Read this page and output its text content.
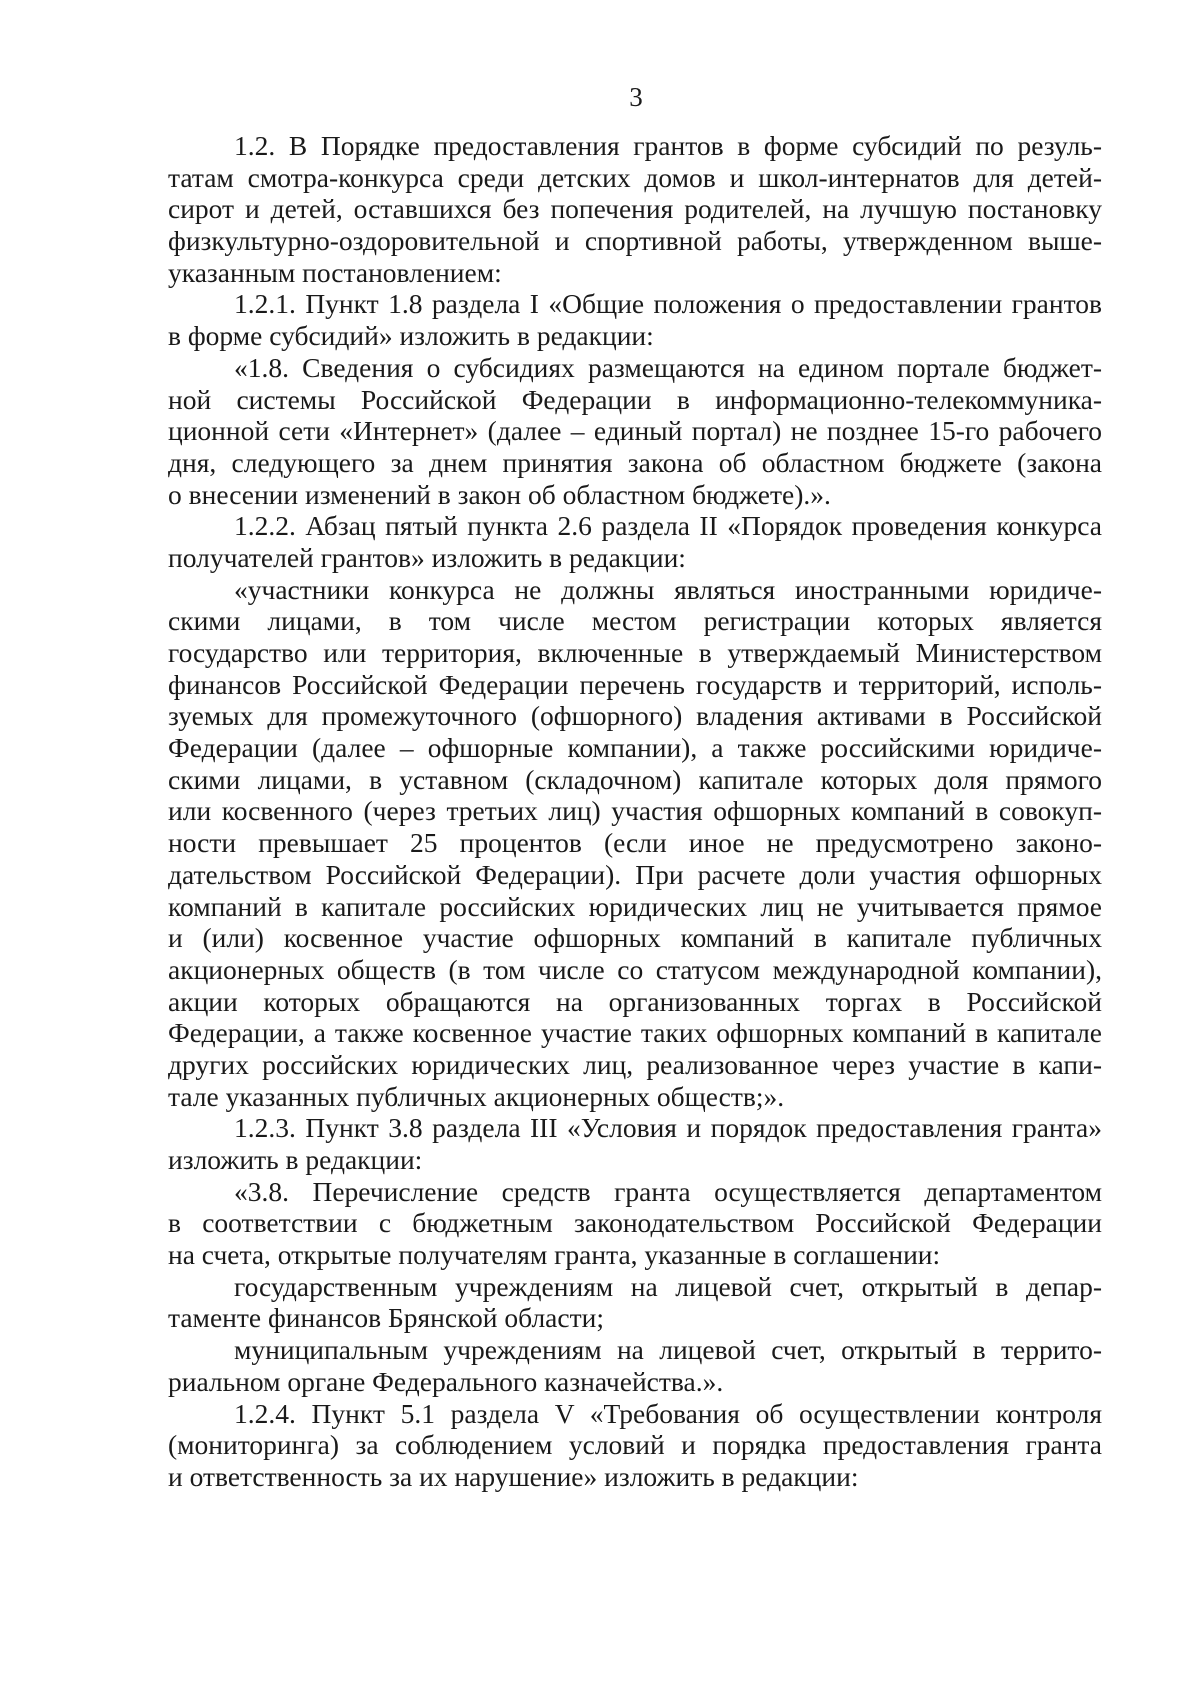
3
1.2. В Порядке предоставления грантов в форме субсидий по резуль-
татам смотра-конкурса среди детских домов и школ-интернатов для детей-
сирот и детей, оставшихся без попечения родителей, на лучшую постановку
физкультурно-оздоровительной и спортивной работы, утвержденном выше-
указанным постановлением:
1.2.1. Пункт 1.8 раздела I «Общие положения о предоставлении грантов
в форме субсидий» изложить в редакции:
«1.8. Сведения о субсидиях размещаются на едином портале бюджет-
ной системы Российской Федерации в информационно-телекоммуника-
ционной сети «Интернет» (далее – единый портал) не позднее 15-го рабочего
дня, следующего за днем принятия закона об областном бюджете (закона
о внесении изменений в закон об областном бюджете).».
1.2.2. Абзац пятый пункта 2.6 раздела II «Порядок проведения конкурса
получателей грантов» изложить в редакции:
«участники конкурса не должны являться иностранными юридиче-
скими лицами, в том числе местом регистрации которых является
государство или территория, включенные в утверждаемый Министерством
финансов Российской Федерации перечень государств и территорий, исполь-
зуемых для промежуточного (офшорного) владения активами в Российской
Федерации (далее – офшорные компании), а также российскими юридиче-
скими лицами, в уставном (складочном) капитале которых доля прямого
или косвенного (через третьих лиц) участия офшорных компаний в совокуп-
ности превышает 25 процентов (если иное не предусмотрено законо-
дательством Российской Федерации). При расчете доли участия офшорных
компаний в капитале российских юридических лиц не учитывается прямое
и (или) косвенное участие офшорных компаний в капитале публичных
акционерных обществ (в том числе со статусом международной компании),
акции которых обращаются на организованных торгах в Российской
Федерации, а также косвенное участие таких офшорных компаний в капитале
других российских юридических лиц, реализованное через участие в капи-
тале указанных публичных акционерных обществ;».
1.2.3. Пункт 3.8 раздела III «Условия и порядок предоставления гранта»
изложить в редакции:
«3.8. Перечисление средств гранта осуществляется департаментом
в соответствии с бюджетным законодательством Российской Федерации
на счета, открытые получателям гранта, указанные в соглашении:
государственным учреждениям на лицевой счет, открытый в депар-
таменте финансов Брянской области;
муниципальным учреждениям на лицевой счет, открытый в террито-
риальном органе Федерального казначейства.».
1.2.4. Пункт 5.1 раздела V «Требования об осуществлении контроля
(мониторинга) за соблюдением условий и порядка предоставления гранта
и ответственность за их нарушение» изложить в редакции:
